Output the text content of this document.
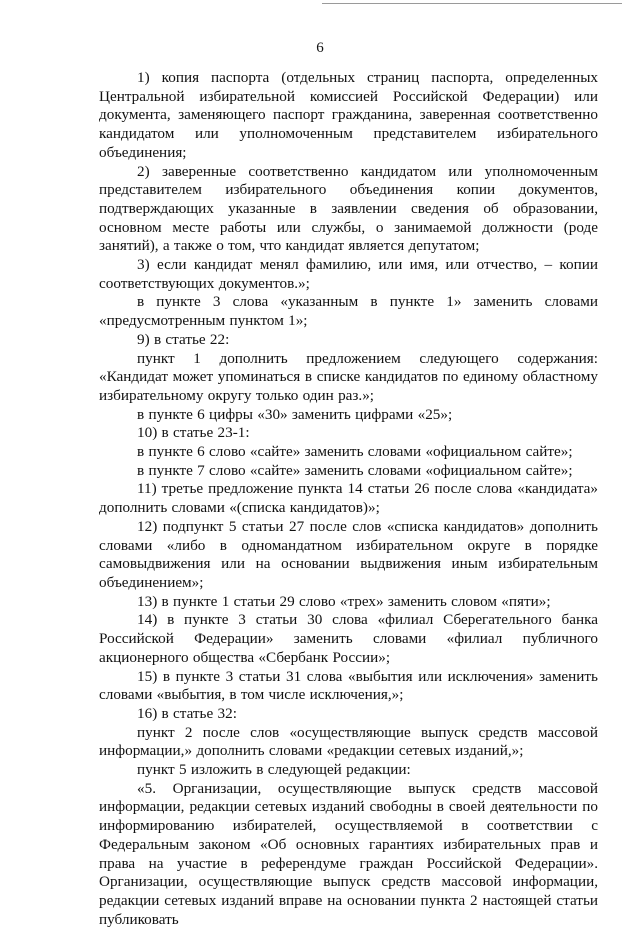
6

1) копия паспорта (отдельных страниц паспорта, определенных Центральной избирательной комиссией Российской Федерации) или документа, заменяющего паспорт гражданина, заверенная соответственно кандидатом или уполномоченным представителем избирательного объединения;

2) заверенные соответственно кандидатом или уполномоченным представителем избирательного объединения копии документов, подтверждающих указанные в заявлении сведения об образовании, основном месте работы или службы, о занимаемой должности (роде занятий), а также о том, что кандидат является депутатом;

3) если кандидат менял фамилию, или имя, или отчество, – копии соответствующих документов.»;

в пункте 3 слова «указанным в пункте 1» заменить словами «предусмотренным пунктом 1»;

9) в статье 22:

пункт 1 дополнить предложением следующего содержания: «Кандидат может упоминаться в списке кандидатов по единому областному избирательному округу только один раз.»;

в пункте 6 цифры «30» заменить цифрами «25»;

10) в статье 23-1:

в пункте 6 слово «сайте» заменить словами «официальном сайте»;

в пункте 7 слово «сайте» заменить словами «официальном сайте»;

11) третье предложение пункта 14 статьи 26 после слова «кандидата» дополнить словами «(списка кандидатов)»;

12) подпункт 5 статьи 27 после слов «списка кандидатов» дополнить словами «либо в одномандатном избирательном округе в порядке самовыдвижения или на основании выдвижения иным избирательным объединением»;

13) в пункте 1 статьи 29 слово «трех» заменить словом «пяти»;

14) в пункте 3 статьи 30 слова «филиал Сберегательного банка Российской Федерации» заменить словами «филиал публичного акционерного общества «Сбербанк России»;

15) в пункте 3 статьи 31 слова «выбытия или исключения» заменить словами «выбытия, в том числе исключения,»;

16) в статье 32:

пункт 2 после слов «осуществляющие выпуск средств массовой информации,» дополнить словами «редакции сетевых изданий,»;

пункт 5 изложить в следующей редакции:

«5. Организации, осуществляющие выпуск средств массовой информации, редакции сетевых изданий свободны в своей деятельности по информированию избирателей, осуществляемой в соответствии с Федеральным законом «Об основных гарантиях избирательных прав и права на участие в референдуме граждан Российской Федерации». Организации, осуществляющие выпуск средств массовой информации, редакции сетевых изданий вправе на основании пункта 2 настоящей статьи публиковать
